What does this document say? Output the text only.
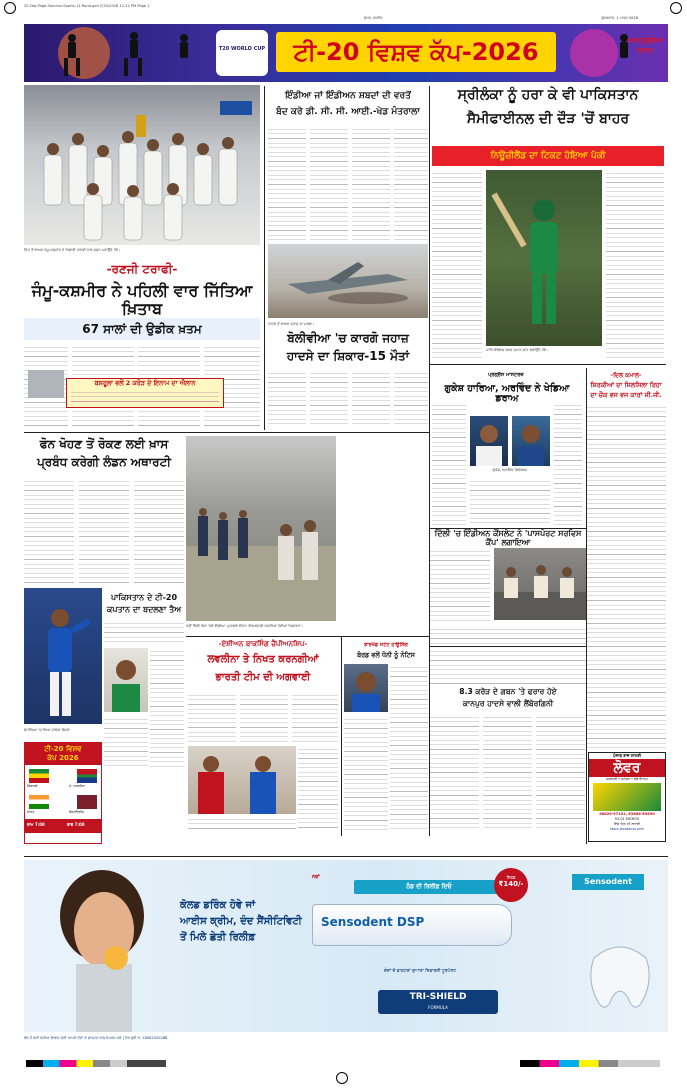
20-Feb-Page-Sanchar-Sports-11.Rond.qxd 2/20/2026 11:22 PM Page 1
ਸੰਧਰ, ਲਾਈਰ	ਸ਼ੁੱਕਰਵਾਰ, 1 ਮਾਰਚ 2026
T20 WORLD CUP	ਟੀ-20 ਵਿਸ਼ਵ ਕੱਪ-2026	ਆਸਟ੍ਰੇਲੀਆ ਸਟਾਰ
ਜਿੱਤ ਤੋਂ ਬਾਅਦ ਜੰਮੂ-ਕਸ਼ਮੀਰ ਦੇ ਖਿਡਾਰੀ ਟਰਾਫੀ ਨਾਲ ਜਸ਼ਨ ਮਨਾਉਂਦੇ ਹੋਏ।
-ਰਣਜੀ ਟਰਾਫੀ-
ਜੰਮੂ-ਕਸ਼ਮੀਰ ਨੇ ਪਹਿਲੀ ਵਾਰ ਜਿੱਤਿਆ ਖ਼ਿਤਾਬ
67 ਸਾਲਾਂ ਦੀ ਉਡੀਕ ਖ਼ਤਮ
ਬਸ਼ਰੂਲਾ ਵਲੋਂ 2 ਕਰੋੜ ਦੇ ਇਨਾਮ ਦਾ ਐਲਾਨ
ਇੰਡੀਆ ਜਾਂ ਇੰਡੀਅਨ ਸ਼ਬਦਾਂ ਦੀ ਵਰਤੋਂ
ਬੰਦ ਕਰੇ ਡੀ. ਸੀ. ਸੀ. ਆਈ.-ਖੇਡ ਮੰਤਰਾਲਾ
ਹਾਦਸੇ ਤੋਂ ਬਾਅਦ ਜਹਾਜ਼ ਦਾ ਮਲਬਾ।
ਬੋਲੀਵੀਆ 'ਚ ਕਾਰਗੋ ਜਹਾਜ਼
ਹਾਦਸੇ ਦਾ ਸ਼ਿਕਾਰ-15 ਮੌਤਾਂ
ਸ੍ਰੀਲੰਕਾ ਨੂੰ ਹਰਾ ਕੇ ਵੀ ਪਾਕਿਸਤਾਨ
ਸੈਮੀਫਾਈਨਲ ਦੀ ਦੌੜ 'ਚੋਂ ਬਾਹਰ
ਨਿਊਜ਼ੀਲੈਂਡ ਦਾ ਟਿਕਟ ਹੋਇਆ ਪੱਕੀ
ਪਾਕਿ ਬੱਲੇਬਾਜ਼ ਫਖ਼ਰ ਜ਼ਮਾਨ ਸ਼ਾਟ ਲਗਾਉਂਦੇ ਹੋਏ।
ਪ੍ਰੋਗ੍ਰੈਸ ਮਾਸਟਰਜ਼
ਗੁਕੇਸ਼ ਹਾਰਿਆ, ਅਰਵਿੰਦ ਨੇ ਖੇਡਿਆ ਡਰਾਅ
ਗੁਕੇਸ਼, ਅਰਵਿੰਦ ਚਿਦੰਬਰਮ
-ਦਿਲ ਕਮਾਲ-
ਸ਼ਿਰਕੀਆਂ ਦਾ ਸਿਲਸਿਲਾ ਰਿਹਾ
ਦਾ ਚੌਕ ਵਜ ਵਜ ਕਾਰਾਂ ਜੀ.ਜੀ.
ਫੋਨ ਖੋਹਣ ਤੋਂ ਰੋਕਣ ਲਈ ਖ਼ਾਸ
ਪ੍ਰਬੰਧ ਕਰੇਗੀ ਲੰਡਨ ਅਥਾਰਟੀ
ਨਵੀਂ ਦਿੱਲੀ ਵਿਖੇ 'ਖੇਲੋ ਇੰਡੀਆ' ਮੁਕਾਬਲੇ ਦੌਰਾਨ ਤੀਰਅੰਦਾਜ਼ੀ ਕਰਦੀਆਂ ਹੋਈਆਂ ਖਿਡਾਰਨਾਂ।
ਦਿੱਲੀ 'ਚ ਇੰਡੀਅਨ ਕੌਂਸਲੇਟ ਨੇ 'ਪਾਸਪੋਰਟ ਸਰਵਿਸ ਕੈਂਪ' ਲਗਾਇਆ
ਸੰਮੀਖਿਆ 'ਚ ਲਿਆ ਜਾਵੇਗਾ ਫੈਸਲਾ
ਪਾਕਿਸਤਾਨ ਦੇ ਟੀ-20
ਕਪਤਾਨ ਦਾ ਬਦਲਣਾ ਤੈਅ
ਟੀ-20 ਵਿਸ਼ਵ
ਕੱਪ 2026
ਜ਼ਿੰਬਾਬਵੇ	ਦੱ. ਅਫ਼ਰੀਕਾ
ਭਾਰਤ	ਵੈਸਟਇੰਡੀਜ਼
ਸ਼ਾਮ 7:00	ਰਾਤ 7:00
-ਏਸ਼ੀਅਨ ਬਾਕਸਿੰਗ ਚੈਂਪੀਅਨਸ਼ਿਪ-
ਲਵਲੀਨਾ ਤੇ ਨਿਖਤ ਕਰਨਗੀਆਂ
ਭਾਰਤੀ ਟੀਮ ਦੀ ਅਗਵਾਈ
ਝਾਰਖੰਡ ਸਟੇਟ ਹਾਊਸਿੰਗ
ਬੋਰਡ ਵਲੋਂ ਧੋਨੀ ਨੂੰ ਨੋਟਿਸ
8.3 ਕਰੋੜ ਦੇ ਗਬਨ 'ਤੇ ਫਰਾਰ ਹੋਏ
ਕਾਨਪੁਰ ਹਾਦਸੇ ਵਾਲੀ ਲੈਂਬੋਰਗਿਨੀ
ਪੰਜਾਬ ਰਾਜ ਲਾਟਰੀ
ਲੋਵਰ
ਸਰਕਾਰੀ • ਸਟੇਸ਼ਨ • ਵੱਡੇ ਇਨਾਮ
98620-97131, 63686-83690
55-01 MICROS
ਇੱਕ ਦਿਨ ਦੀ ਲਾਟਰੀ
store.jecasaino.com
ਕੋਲਡ ਡਰਿੰਕ ਹੋਵੇ ਜਾਂ
ਆਈਸ ਕ੍ਰੀਮ, ਦੰਦ ਸੈਂਸੀਟਿਵਿਟੀ
ਤੋਂ ਮਿਲੇ ਛੇਤੀ ਰਿਲੀਫ਼
ਨਵਾਂ
ਠੰਡ ਦੀ ਰਿਲੀਫ਼ ਦਿਓ
ਸਿਰਫ਼
₹140/-
Sensodent DSP
ਦੰਦਾਂ ਦੇ ਡਾਕਟਰਾਂ ਦੁਆਰਾ ਸਿਫਾਰਸ਼ੀ ਟੂਥਪੇਸਟ
Sensodent
TRI-SHIELD
FORMULA
ਲੋੜ ਹੈ ਬੜੀ ਵਧੀਆ ਇਲਾਜ ਲਈ ਆਪਣੇ ਦੰਦਾਂ ਦੇ ਡਾਕਟਰ ਨਾਲ ਸੰਪਰਕ ਕਰੋ | ਟੋਲ ਫ੍ਰੀ ਨੰ: 18002020288
